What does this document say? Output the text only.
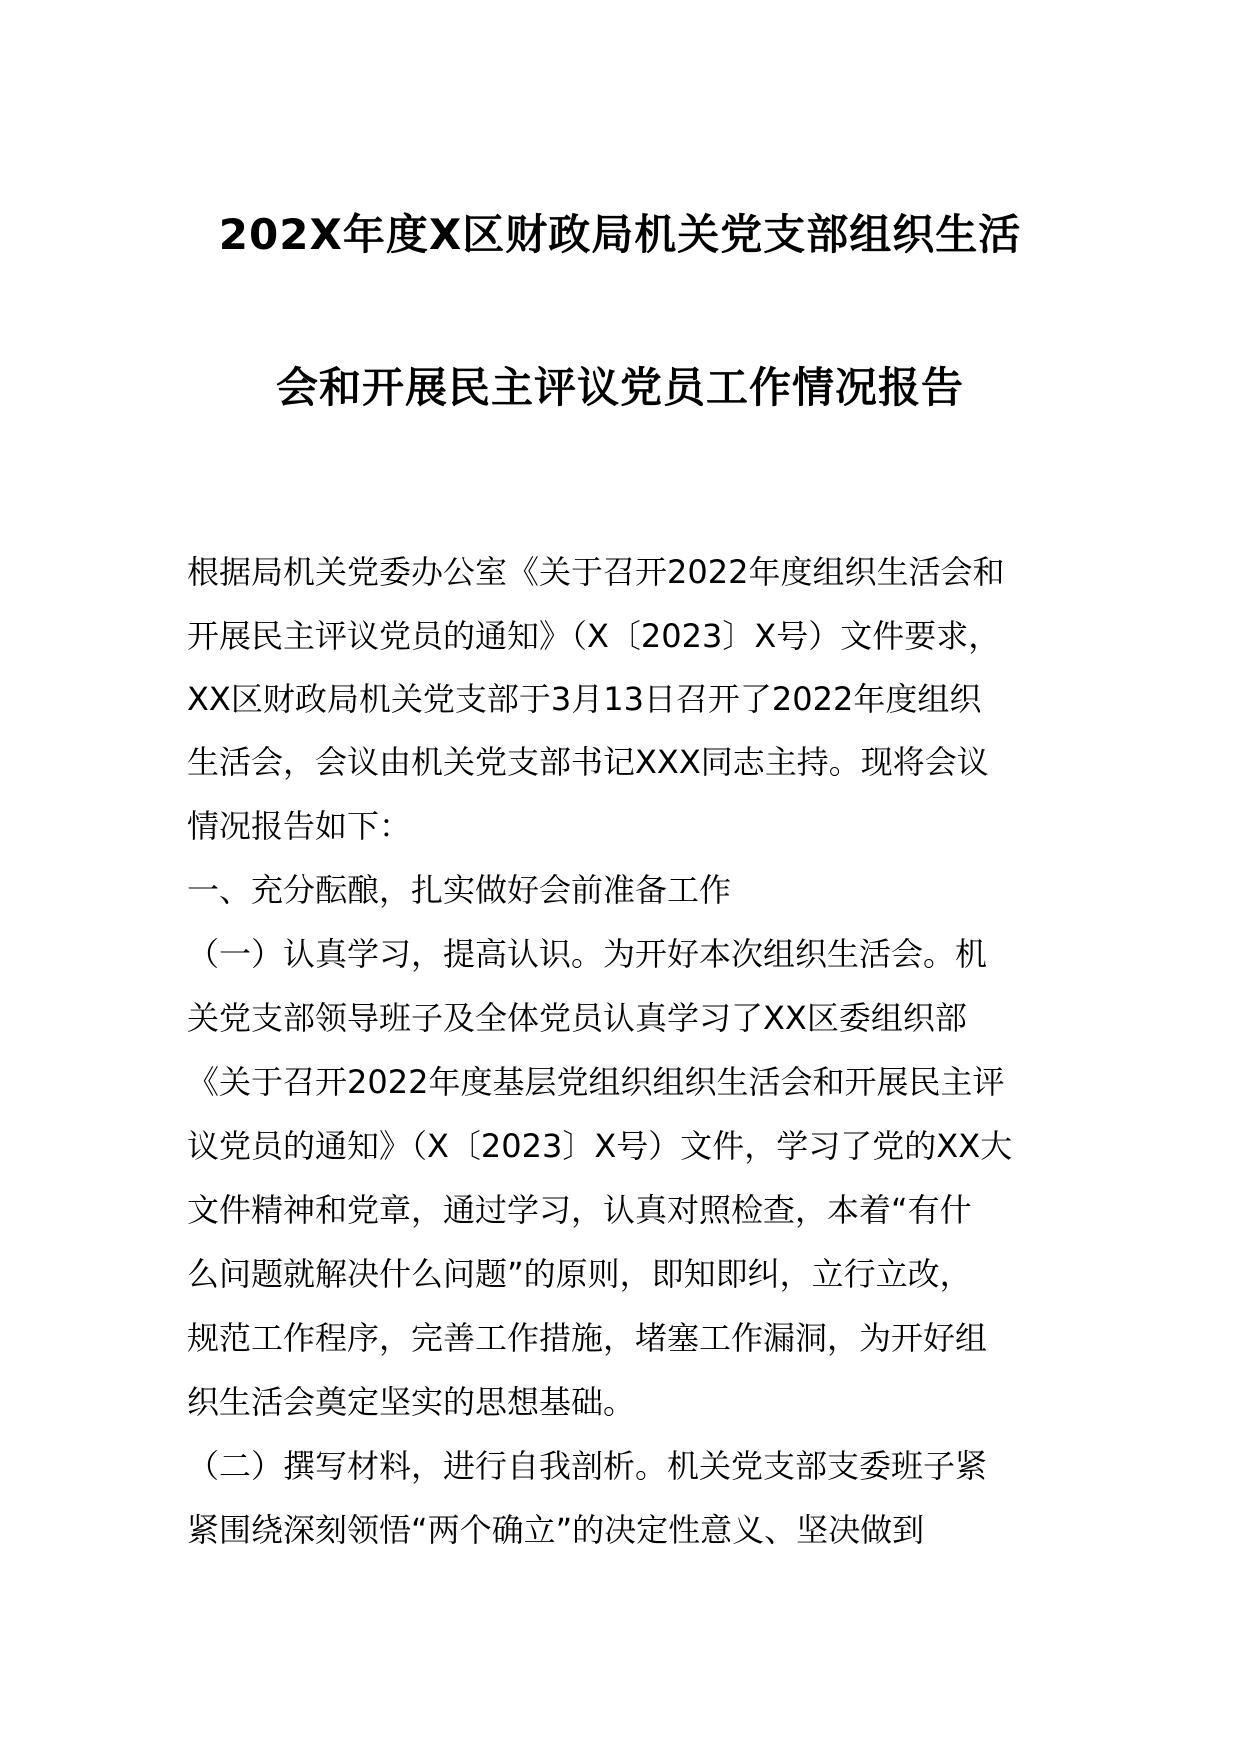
202X年度X区财政局机关党支部组织生活
会和开展民主评议党员工作情况报告
根据局机关党委办公室《关于召开2022年度组织生活会和
开展民主评议党员的通知》（X〔2023〕X号）文件要求，
XX区财政局机关党支部于3月13日召开了2022年度组织
生活会，会议由机关党支部书记XXX同志主持。现将会议
情况报告如下：
一、充分酝酿，扎实做好会前准备工作
（一）认真学习，提高认识。为开好本次组织生活会。机
关党支部领导班子及全体党员认真学习了XX区委组织部
《关于召开2022年度基层党组织组织生活会和开展民主评
议党员的通知》（X〔2023〕X号）文件，学习了党的XX大
文件精神和党章，通过学习，认真对照检查，本着“有什
么问题就解决什么问题”的原则，即知即纠，立行立改，
规范工作程序，完善工作措施，堵塞工作漏洞，为开好组
织生活会奠定坚实的思想基础。
（二）撰写材料，进行自我剖析。机关党支部支委班子紧
紧围绕深刻领悟“两个确立”的决定性意义、坚决做到
